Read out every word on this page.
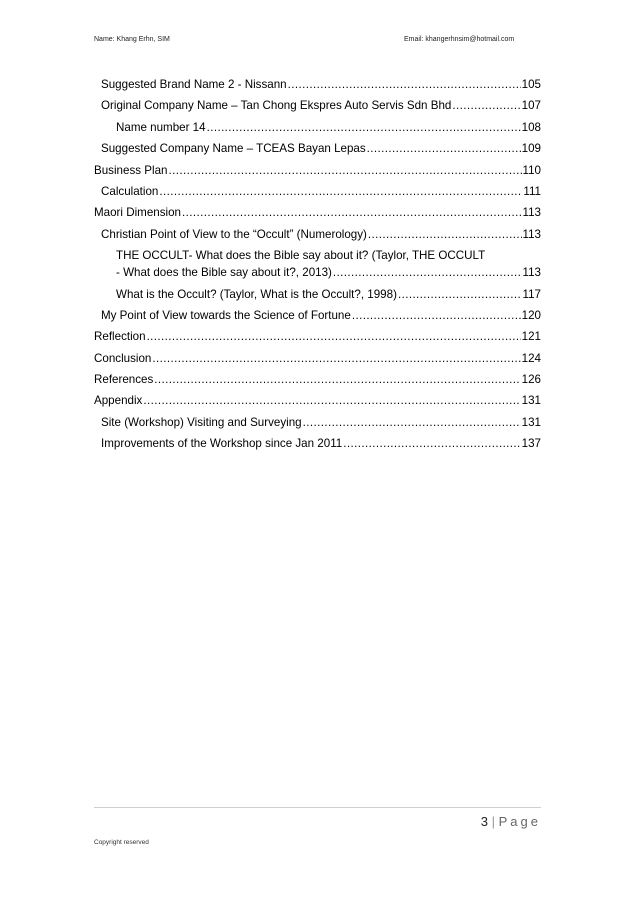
Name: Khang Erhn, SIM	Email: khangerhnsim@hotmail.com
Suggested Brand Name 2 - Nissann .....	105
Original Company Name – Tan Chong Ekspres Auto Servis Sdn Bhd .....	107
Name number 14 .....	108
Suggested Company Name – TCEAS Bayan Lepas .....	109
Business Plan .....	110
Calculation .....	111
Maori Dimension .....	113
Christian Point of View to the “Occult” (Numerology) .....	113
THE OCCULT- What does the Bible say about it? (Taylor, THE OCCULT
- What does the Bible say about it?, 2013) .....	113
What is the Occult? (Taylor, What is the Occult?, 1998) .....	117
My Point of View towards the Science of Fortune .....	120
Reflection .....	121
Conclusion .....	124
References .....	126
Appendix .....	131
Site (Workshop) Visiting and Surveying .....	131
Improvements of the Workshop since Jan 2011 .....	137
3 | Page
Copyright reserved
